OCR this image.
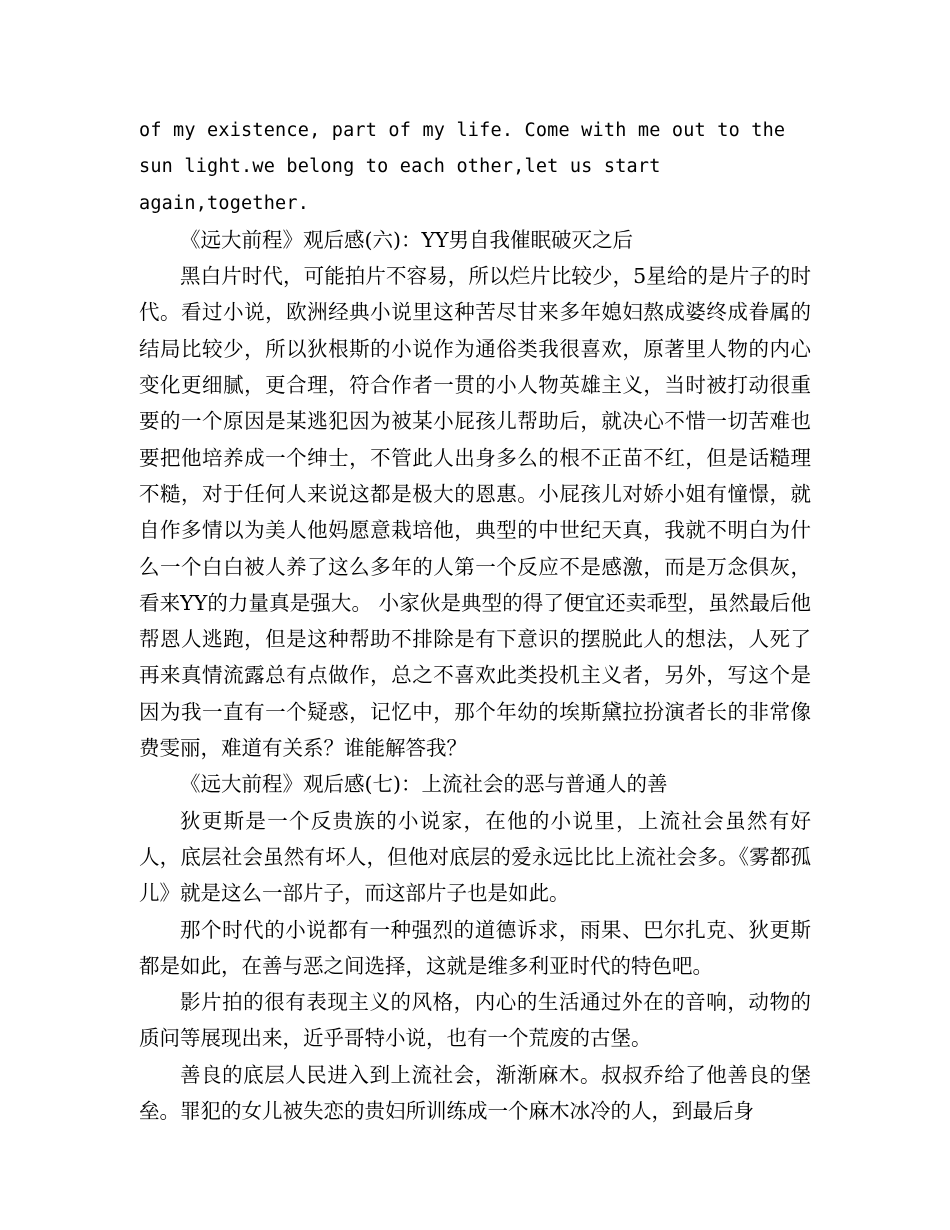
of my existence, part of my life. Come with me out to the sun light.we belong to each other,let us start again,together.

《远大前程》观后感(六)：YY男自我催眠破灭之后

黑白片时代，可能拍片不容易，所以烂片比较少，5星给的是片子的时代。看过小说，欧洲经典小说里这种苦尽甘来多年媳妇熬成婆终成眷属的结局比较少，所以狄根斯的小说作为通俗类我很喜欢，原著里人物的内心变化更细腻，更合理，符合作者一贯的小人物英雄主义，当时被打动很重要的一个原因是某逃犯因为被某小屁孩儿帮助后，就决心不惜一切苦难也要把他培养成一个绅士，不管此人出身多么的根不正苗不红，但是话糙理不糙，对于任何人来说这都是极大的恩惠。小屁孩儿对娇小姐有憧憬，就自作多情以为美人他妈愿意栽培他，典型的中世纪天真，我就不明白为什么一个白白被人养了这么多年的人第一个反应不是感激，而是万念俱灰，看来YY的力量真是强大。 小家伙是典型的得了便宜还卖乖型，虽然最后他帮恩人逃跑，但是这种帮助不排除是有下意识的摆脱此人的想法，人死了再来真情流露总有点做作，总之不喜欢此类投机主义者，另外，写这个是因为我一直有一个疑惑，记忆中，那个年幼的埃斯黛拉扮演者长的非常像费雯丽，难道有关系？谁能解答我？

《远大前程》观后感(七)：上流社会的恶与普通人的善

狄更斯是一个反贵族的小说家，在他的小说里，上流社会虽然有好人，底层社会虽然有坏人，但他对底层的爱永远比比上流社会多。《雾都孤儿》就是这么一部片子，而这部片子也是如此。

那个时代的小说都有一种强烈的道德诉求，雨果、巴尔扎克、狄更斯都是如此，在善与恶之间选择，这就是维多利亚时代的特色吧。

影片拍的很有表现主义的风格，内心的生活通过外在的音响，动物的质问等展现出来，近乎哥特小说，也有一个荒废的古堡。

善良的底层人民进入到上流社会，渐渐麻木。叔叔乔给了他善良的堡垒。罪犯的女儿被失恋的贵妇所训练成一个麻木冰冷的人，到最后身
